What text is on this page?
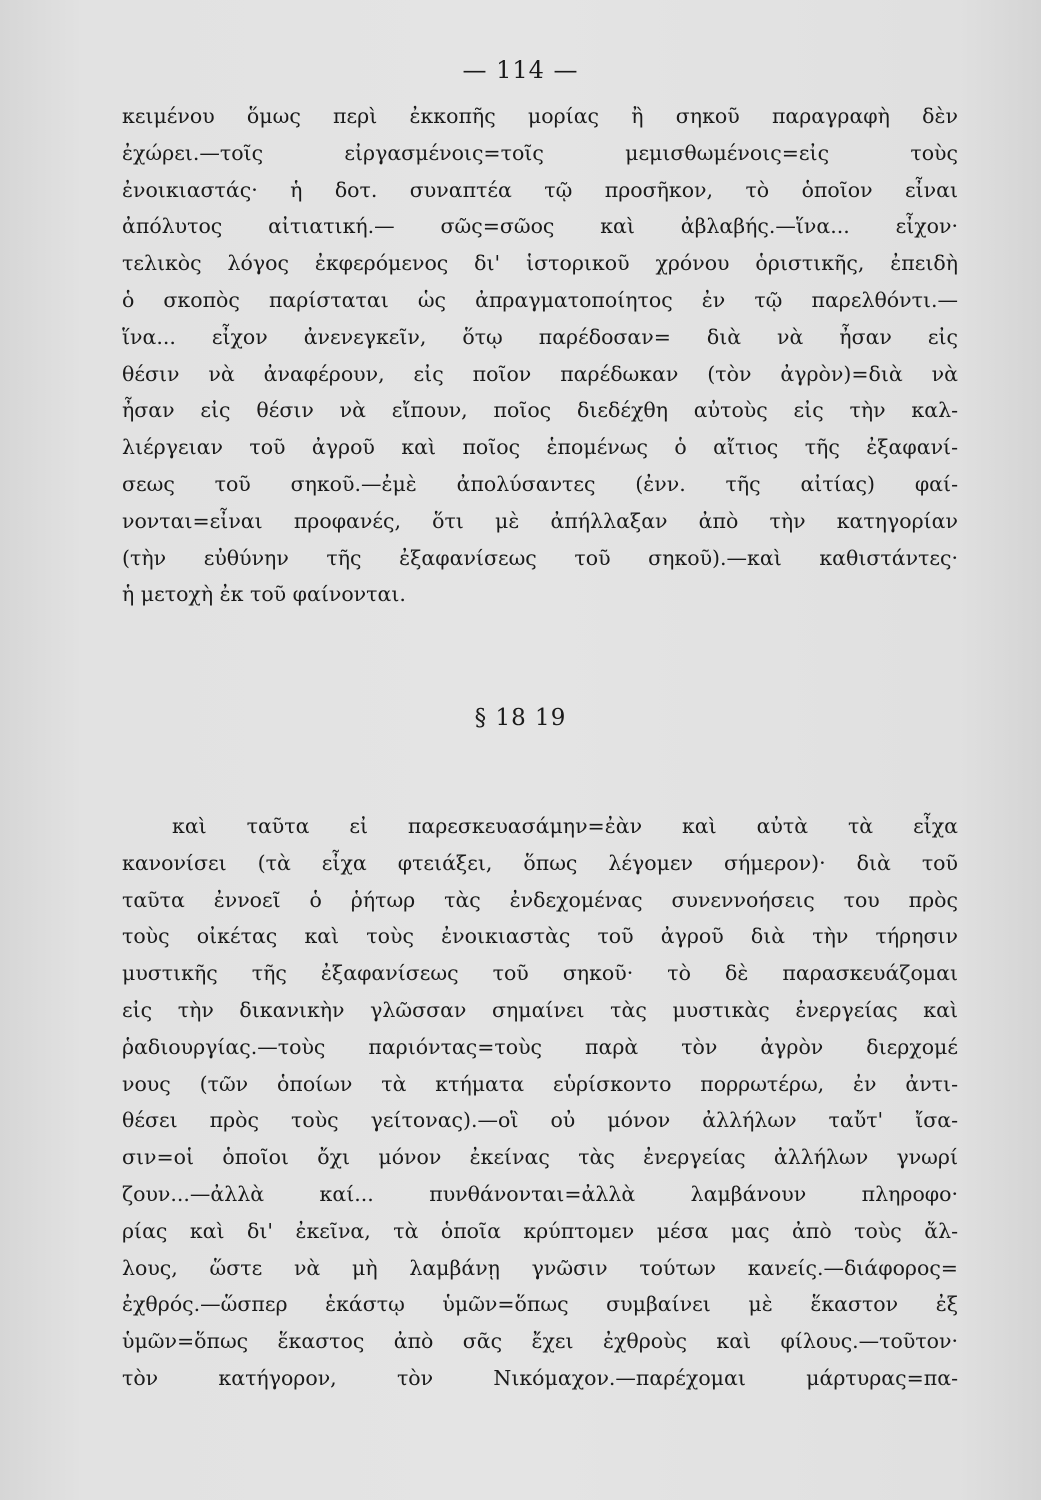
— 114 —
κειμένου ὅμως περὶ ἐκκοπῆς μορίας ἢ σηκοῦ παραγραφὴ δὲν
ἐχώρει.—τοῖς εἰργασμένοις=τοῖς μεμισθωμένοις=εἰς τοὺς
ἐνοικιαστάς· ἡ δοτ. συναπτέα τῷ προσῆκον, τὸ ὁποῖον εἶναι
ἀπόλυτος αἰτιατική.— σῶς=σῶος καὶ ἀβλαβής.—ἵνα... εἶχον·
τελικὸς λόγος ἐκφερόμενος δι' ἱστορικοῦ χρόνου ὁριστικῆς, ἐπειδὴ
ὁ σκοπὸς παρίσταται ὡς ἀπραγματοποίητος ἐν τῷ παρελθόντι.—
ἵνα... εἶχον ἀνενεγκεῖν, ὅτῳ παρέδοσαν= διὰ νὰ ἦσαν εἰς
θέσιν νὰ ἀναφέρουν, εἰς ποῖον παρέδωκαν (τὸν ἀγρὸν)=διὰ νὰ
ἦσαν εἰς θέσιν νὰ εἴπουν, ποῖος διεδέχθη αὐτοὺς εἰς τὴν καλ-
λιέργειαν τοῦ ἀγροῦ καὶ ποῖος ἑπομένως ὁ αἴτιος τῆς ἐξαφανί-
σεως τοῦ σηκοῦ.—ἐμὲ ἀπολύσαντες (ἐνν. τῆς αἰτίας) φαί-
νονται=εἶναι προφανές, ὅτι μὲ ἀπήλλαξαν ἀπὸ τὴν κατηγορίαν
(τὴν εὐθύνην τῆς ἐξαφανίσεως τοῦ σηκοῦ).—καὶ καθιστάντες·
ἡ μετοχὴ ἐκ τοῦ φαίνονται.
§ 18 19
καὶ ταῦτα εἰ παρεσκευασάμην=ἐὰν καὶ αὐτὰ τὰ εἶχα
κανονίσει (τὰ εἶχα φτειάξει, ὅπως λέγομεν σήμερον)· διὰ τοῦ
ταῦτα ἐννοεῖ ὁ ῥήτωρ τὰς ἐνδεχομένας συνεννοήσεις του πρὸς
τοὺς οἰκέτας καὶ τοὺς ἐνοικιαστὰς τοῦ ἀγροῦ διὰ τὴν τήρησιν
μυστικῆς τῆς ἐξαφανίσεως τοῦ σηκοῦ· τὸ δὲ παρασκευάζομαι
εἰς τὴν δικανικὴν γλῶσσαν σημαίνει τὰς μυστικὰς ἐνεργείας καὶ
ῥαδιουργίας.—τοὺς παριόντας=τοὺς παρὰ τὸν ἀγρὸν διερχομέ
νους (τῶν ὁποίων τὰ κτήματα εὑρίσκοντο πορρωτέρω, ἐν ἀντι-
θέσει πρὸς τοὺς γείτονας).—οἳ οὐ μόνον ἀλλήλων ταὔτ' ἴσα-
σιν=οἱ ὁποῖοι ὄχι μόνον ἐκείνας τὰς ἐνεργείας ἀλλήλων γνωρί
ζουν...—ἀλλὰ καί... πυνθάνονται=ἀλλὰ λαμβάνουν πληροφο·
ρίας καὶ δι' ἐκεῖνα, τὰ ὁποῖα κρύπτομεν μέσα μας ἀπὸ τοὺς ἄλ-
λους, ὥστε νὰ μὴ λαμβάνῃ γνῶσιν τούτων κανείς.—διάφορος=
ἐχθρός.—ὥσπερ ἑκάστῳ ὑμῶν=ὅπως συμβαίνει μὲ ἕκαστον ἐξ
ὑμῶν=ὅπως ἕκαστος ἀπὸ σᾶς ἔχει ἐχθροὺς καὶ φίλους.—τοῦτον·
τὸν κατήγορον, τὸν Νικόμαχον.—παρέχομαι μάρτυρας=πα-
